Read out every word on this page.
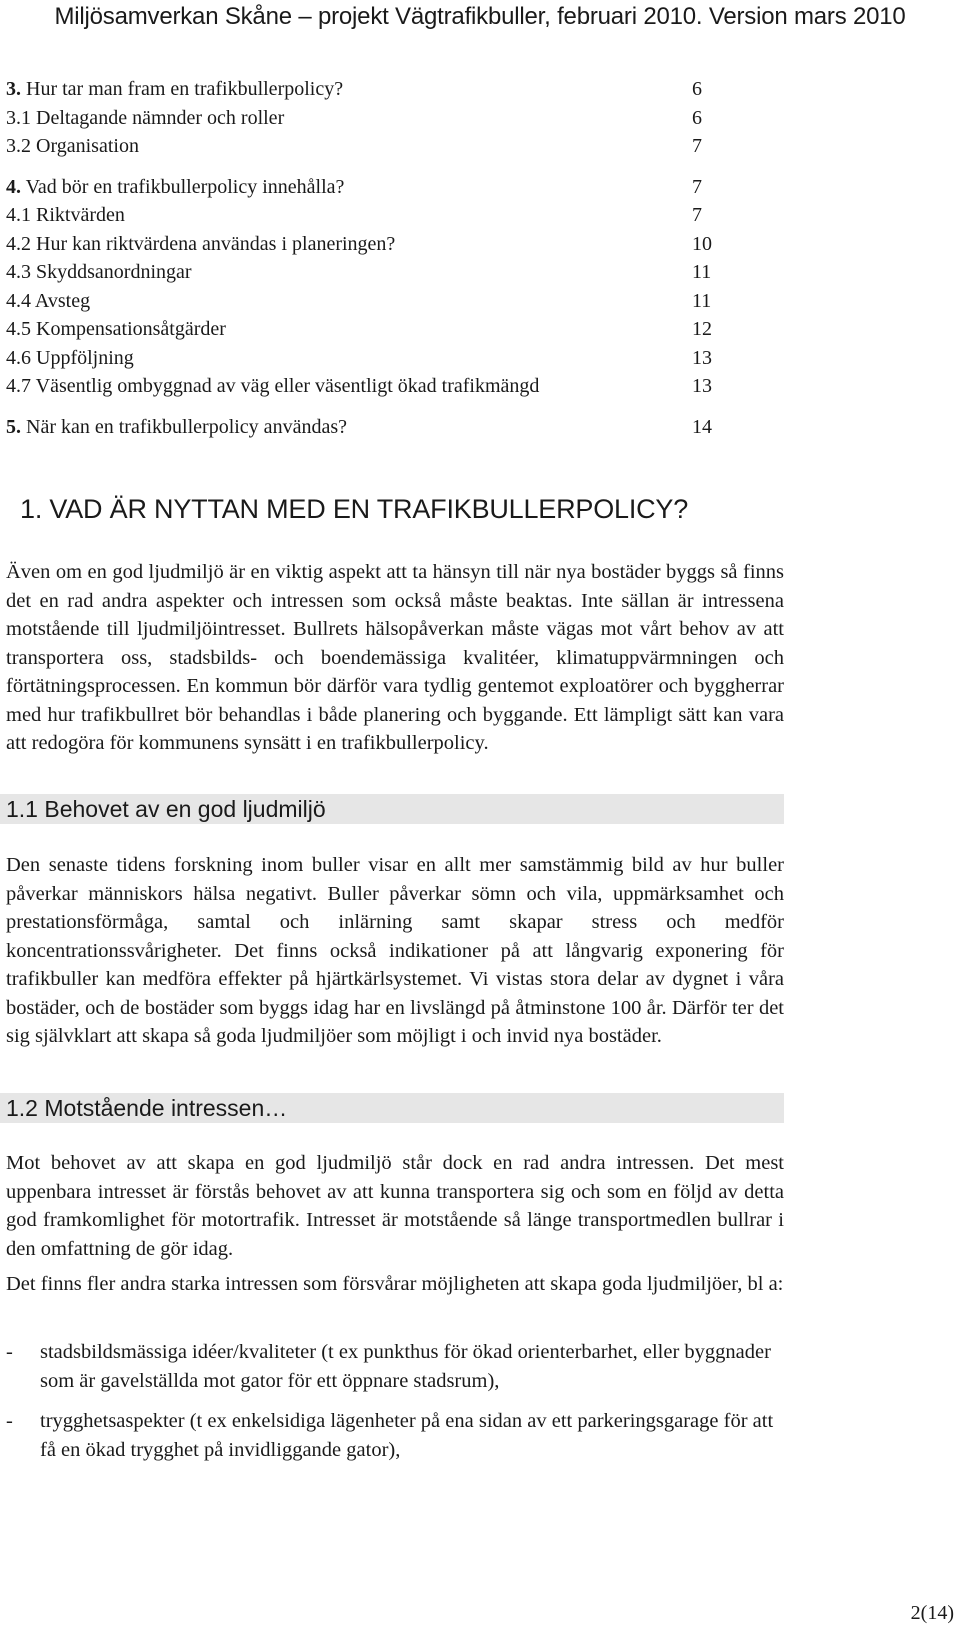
Miljösamverkan Skåne – projekt Vägtrafikbuller, februari 2010. Version mars 2010
3. Hur tar man fram en trafikbullerpolicy?	6
3.1 Deltagande nämnder och roller	6
3.2 Organisation	7
4. Vad bör en trafikbullerpolicy innehålla?	7
4.1 Riktvärden	7
4.2 Hur kan riktvärdena användas i planeringen?	10
4.3 Skyddsanordningar	11
4.4 Avsteg	11
4.5 Kompensationsåtgärder	12
4.6 Uppföljning	13
4.7 Väsentlig ombyggnad av väg eller väsentligt ökad trafikmängd	13
5. När kan en trafikbullerpolicy användas?	14
1. VAD ÄR NYTTAN MED EN TRAFIKBULLERPOLICY?
Även om en god ljudmiljö är en viktig aspekt att ta hänsyn till när nya bostäder byggs så finns det en rad andra aspekter och intressen som också måste beaktas. Inte sällan är intressena motstående till ljudmiljöintresset. Bullrets hälsopåverkan måste vägas mot vårt behov av att transportera oss, stadsbilds- och boendemässiga kvalitéer, klimatuppvärmningen och förtätningsprocessen. En kommun bör därför vara tydlig gentemot exploatörer och byggherrar med hur trafikbullret bör behandlas i både planering och byggande. Ett lämpligt sätt kan vara att redogöra för kommunens synsätt i en trafikbullerpolicy.
1.1 Behovet av en god ljudmiljö
Den senaste tidens forskning inom buller visar en allt mer samstämmig bild av hur buller påverkar människors hälsa negativt. Buller påverkar sömn och vila, uppmärksamhet och prestationsförmåga, samtal och inlärning samt skapar stress och medför koncentrationssvårigheter. Det finns också indikationer på att långvarig exponering för trafikbuller kan medföra effekter på hjärtkärlsystemet. Vi vistas stora delar av dygnet i våra bostäder, och de bostäder som byggs idag har en livslängd på åtminstone 100 år. Därför ter det sig självklart att skapa så goda ljudmiljöer som möjligt i och invid nya bostäder.
1.2 Motstående intressen…
Mot behovet av att skapa en god ljudmiljö står dock en rad andra intressen. Det mest uppenbara intresset är förstås behovet av att kunna transportera sig och som en följd av detta god framkomlighet för motortrafik. Intresset är motstående så länge transportmedlen bullrar i den omfattning de gör idag.
Det finns fler andra starka intressen som försvårar möjligheten att skapa goda ljudmiljöer, bl a:
- stadsbildsmässiga idéer/kvaliteter (t ex punkthus för ökad orienterbarhet, eller byggnader som är gavelställda mot gator för ett öppnare stadsrum),
- trygghetsaspekter (t ex enkelsidiga lägenheter på ena sidan av ett parkeringsgarage för att få en ökad trygghet på invidliggande gator),
2(14)
